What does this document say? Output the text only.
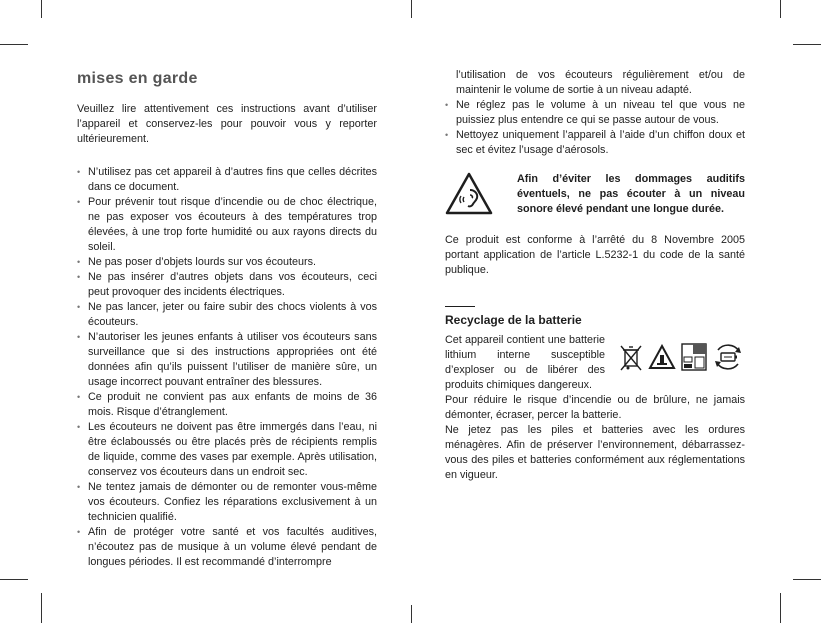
mises en garde

Veuillez lire attentivement ces instructions avant d’utiliser l’appareil et conservez-les pour pouvoir vous y reporter ultérieurement.

• N’utilisez pas cet appareil à d’autres fins que celles décrites dans ce document.
• Pour prévenir tout risque d’incendie ou de choc électrique, ne pas exposer vos écouteurs à des températures trop élevées, à une trop forte humidité ou aux rayons directs du soleil.
• Ne pas poser d’objets lourds sur vos écouteurs.
• Ne pas insérer d’autres objets dans vos écouteurs, ceci peut provoquer des incidents électriques.
• Ne pas lancer, jeter ou faire subir des chocs violents à vos écouteurs.
• N’autoriser les jeunes enfants à utiliser vos écouteurs sans surveillance que si des instructions appropriées ont été données afin qu’ils puissent l’utiliser de manière sûre, un usage incorrect pouvant entraîner des blessures.
• Ce produit ne convient pas aux enfants de moins de 36 mois. Risque d’étranglement.
• Les écouteurs ne doivent pas être immergés dans l’eau, ni être éclaboussés ou être placés près de récipients remplis de liquide, comme des vases par exemple. Après utilisation, conservez vos écouteurs dans un endroit sec.
• Ne tentez jamais de démonter ou de remonter vous-même vos écouteurs. Confiez les réparations exclusivement à un technicien qualifié.
• Afin de protéger votre santé et vos facultés auditives, n’écoutez pas de musique à un volume élevé pendant de longues périodes. Il est recommandé d’interrompre

l’utilisation de vos écouteurs régulièrement et/ou de maintenir le volume de sortie à un niveau adapté.

• Ne réglez pas le volume à un niveau tel que vous ne puissiez plus entendre ce qui se passe autour de vous.
• Nettoyez uniquement l’appareil à l’aide d’un chiffon doux et sec et évitez l’usage d’aérosols.

Afin d’éviter les dommages auditifs éventuels, ne pas écouter à un niveau sonore élevé pendant une longue durée.

Ce produit est conforme à l’arrêté du 8 Novembre 2005 portant application de l’article L.5232-1 du code de la santé publique.

Recyclage de la batterie

Cet appareil contient une batterie lithium interne susceptible d’exploser ou de libérer des produits chimiques dangereux.

Pour réduire le risque d’incendie ou de brûlure, ne jamais démonter, écraser, percer la batterie.

Ne jetez pas les piles et batteries avec les ordures ménagères. Afin de préserver l’environnement, débarrassez-vous des piles et batteries conformément aux réglementations en vigueur.
